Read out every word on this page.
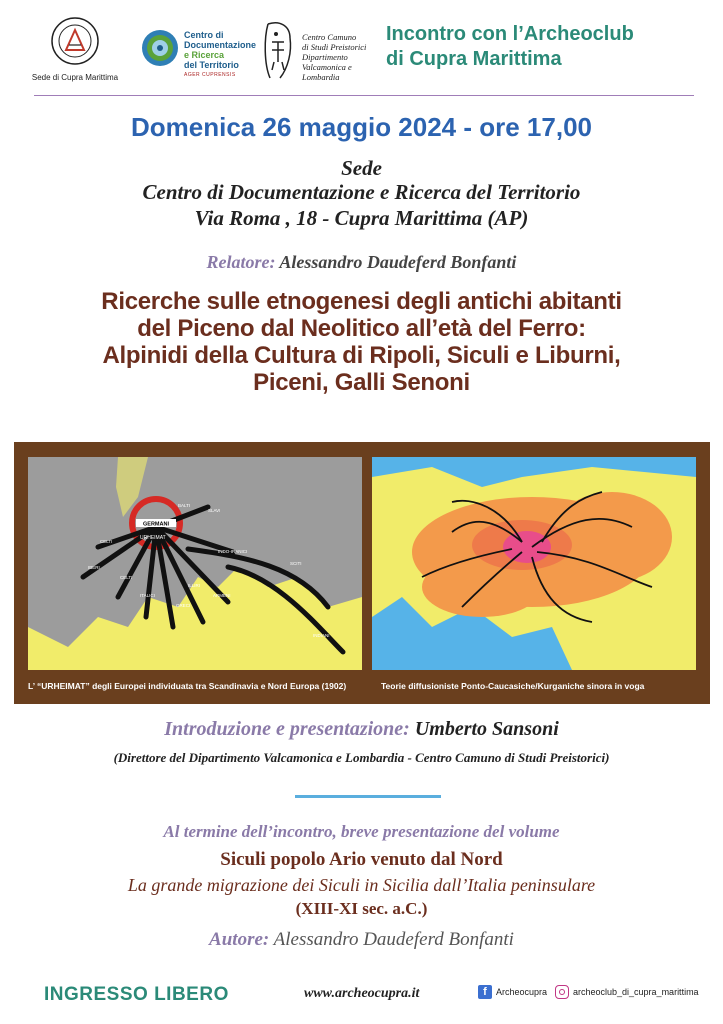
Sede di Cupra Marittima
Centro di
Documentazione
e Ricerca
del Territorio
AGER CUPRENSIS
Centro Camuno
di Studi Preistorici
Dipartimento
Valcamonica e
Lombardia
Incontro con l’Archeoclub
di Cupra Marittima
Domenica 26 maggio 2024 - ore 17,00
Sede
Centro di Documentazione e Ricerca del Territorio
Via Roma , 18 - Cupra Marittima (AP)
Relatore: Alessandro Daudeferd Bonfanti
Ricerche sulle etnogenesi degli antichi abitanti
del Piceno dal Neolitico all’età del Ferro:
Alpinidi della Cultura di Ripoli, Siculi e Liburni,
Piceni, Galli Senoni
GERMANI
URHEIMAT
CELTI
SLAVI
INDO-IRANICI
ARMENI
SCITI
INDIANI
GRECI
ITALICI
ILLIRI
CELTI
IBERI
BALTI
L’ “URHEIMAT” degli Europei individuata tra Scandinavia e Nord Europa (1902)	Teorie diffusioniste Ponto-Caucasiche/Kurganiche sinora in voga
Introduzione e presentazione: Umberto Sansoni
(Direttore del Dipartimento Valcamonica e Lombardia - Centro Camuno di Studi Preistorici)
Al termine dell’incontro, breve presentazione del volume
Siculi popolo Ario venuto dal Nord
La grande migrazione dei Siculi in Sicilia dall’Italia peninsulare
(XIII-XI sec. a.C.)
Autore: Alessandro Daudeferd Bonfanti
INGRESSO LIBERO	www.archeocupra.it	f	Archeocupra	archeoclub_di_cupra_marittima
